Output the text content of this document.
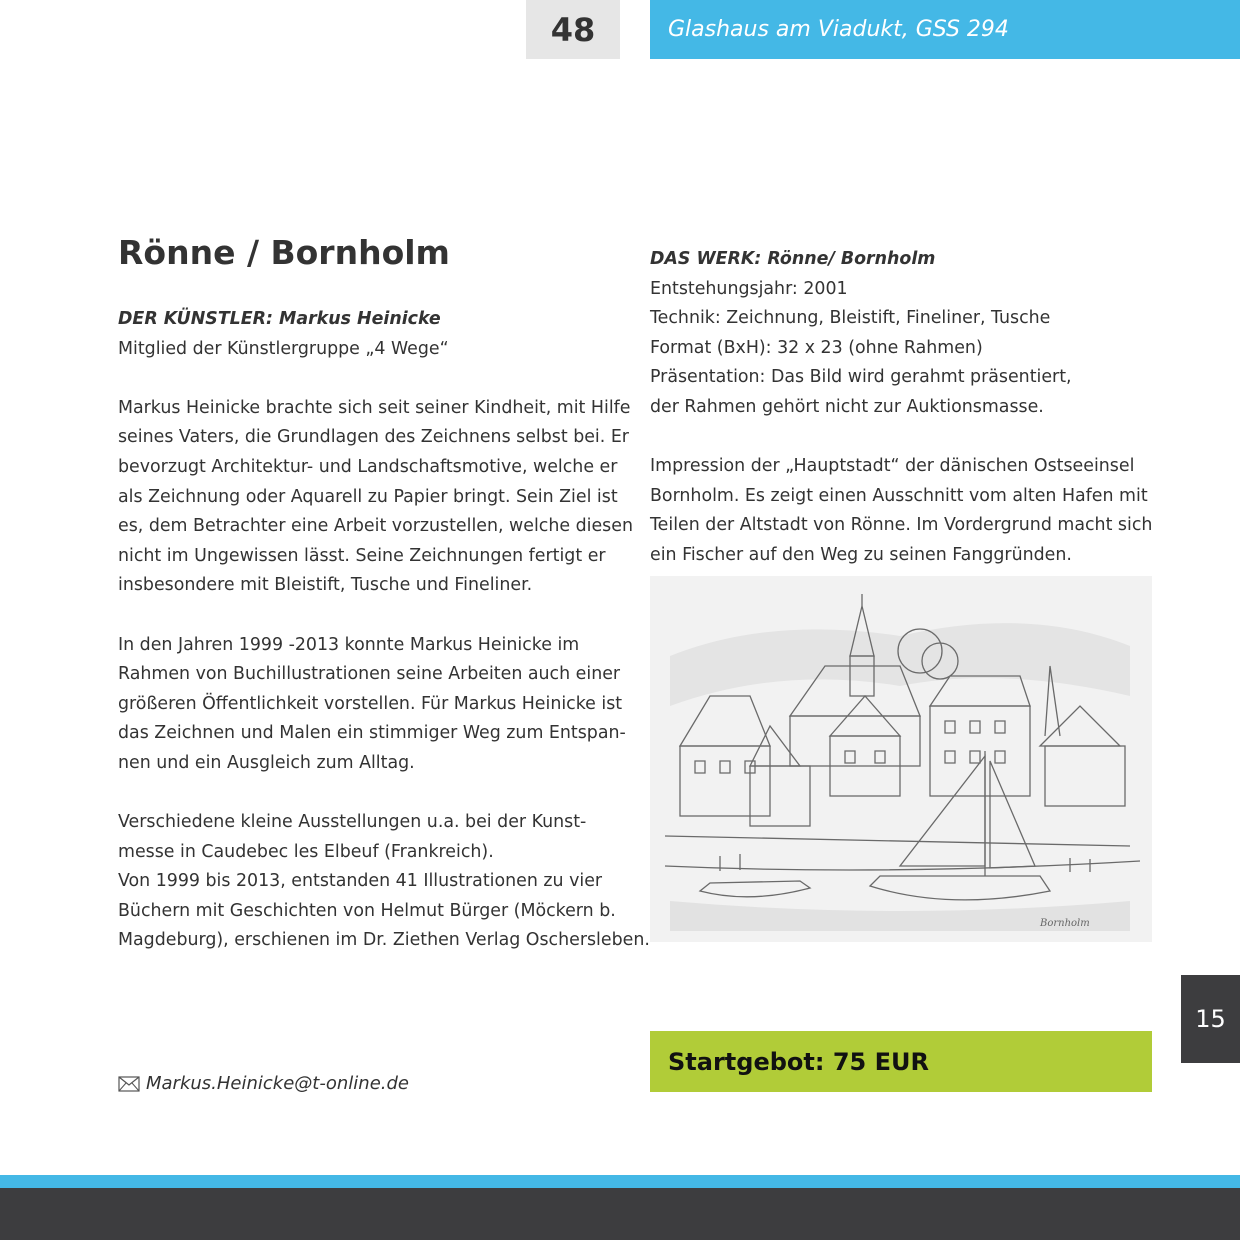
48	Glashaus am Viadukt, GSS 294
Rönne / Bornholm
DER KÜNSTLER: Markus Heinicke
Mitglied der Künstlergruppe „4 Wege“
Markus Heinicke brachte sich seit seiner Kindheit, mit Hilfe
seines Vaters, die Grundlagen des Zeichnens selbst bei. Er
bevorzugt Architektur- und Landschaftsmotive, welche er
als Zeichnung oder Aquarell zu Papier bringt. Sein Ziel ist
es, dem Betrachter eine Arbeit vorzustellen, welche diesen
nicht im Ungewissen lässt. Seine Zeichnungen fertigt er
insbesondere mit Bleistift, Tusche und Fineliner.
In den Jahren 1999 -2013 konnte Markus Heinicke im
Rahmen von Buchillustrationen seine Arbeiten auch einer
größeren Öffentlichkeit vorstellen. Für Markus Heinicke ist
das Zeichnen und Malen ein stimmiger Weg zum Entspan-
nen und ein Ausgleich zum Alltag.
Verschiedene kleine Ausstellungen u.a. bei der Kunst-
messe in Caudebec les Elbeuf (Frankreich).
Von 1999 bis 2013, entstanden 41 Illustrationen zu vier
Büchern mit Geschichten von Helmut Bürger (Möckern b.
Magdeburg), erschienen im Dr. Ziethen Verlag Oschersleben.
DAS WERK: Rönne/ Bornholm
Entstehungsjahr: 2001
Technik: Zeichnung, Bleistift, Fineliner, Tusche
Format (BxH): 32 x 23 (ohne Rahmen)
Präsentation: Das Bild wird gerahmt präsentiert,
der Rahmen gehört nicht zur Auktionsmasse.
Impression der „Hauptstadt“ der dänischen Ostseeinsel
Bornholm. Es zeigt einen Ausschnitt vom alten Hafen mit
Teilen der Altstadt von Rönne. Im Vordergrund macht sich
ein Fischer auf den Weg zu seinen Fanggründen.
Bornholm
15
Startgebot: 75 EUR
Markus.Heinicke@t-online.de
